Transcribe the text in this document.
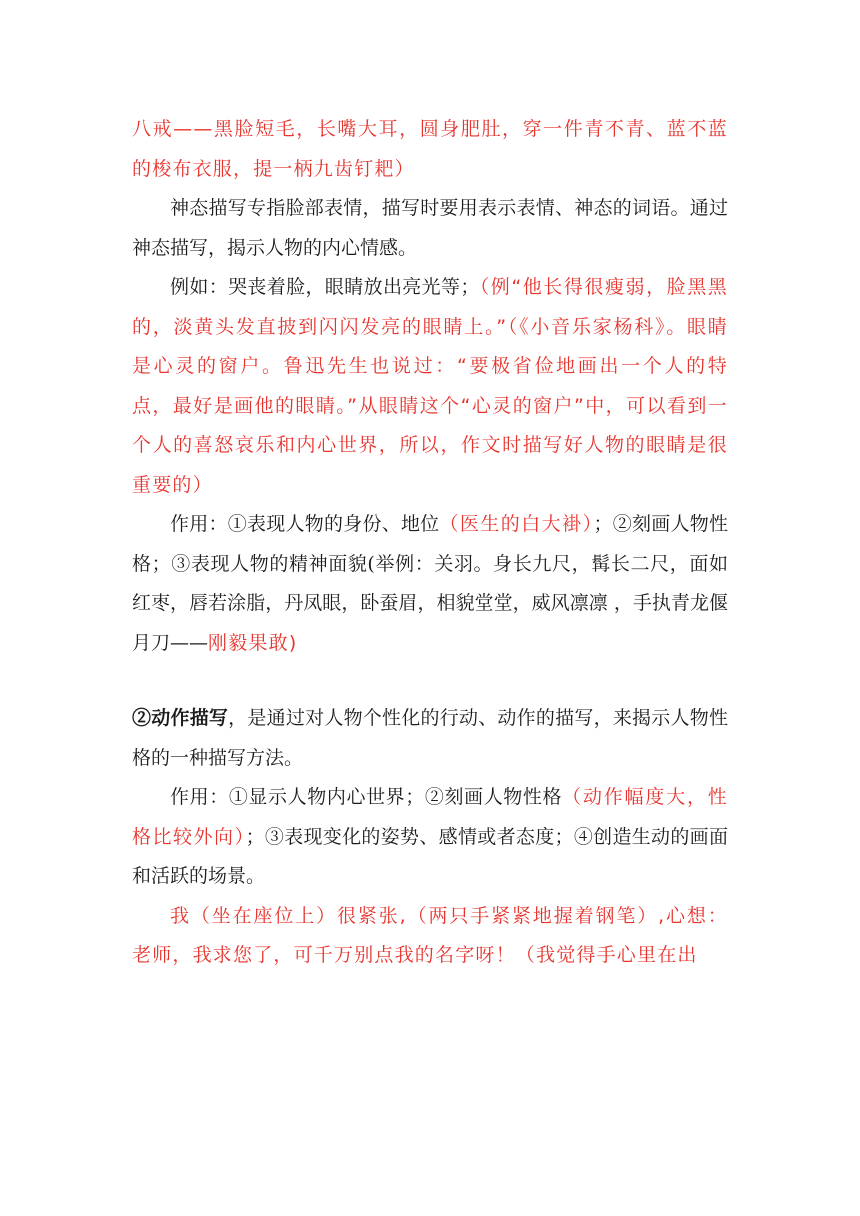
八戒——黑脸短毛，长嘴大耳，圆身肥肚，穿一件青不青、蓝不蓝的梭布衣服，提一柄九齿钉耙）

神态描写专指脸部表情，描写时要用表示表情、神态的词语。通过神态描写，揭示人物的内心情感。

例如：哭丧着脸，眼睛放出亮光等；（例“他长得很瘦弱，脸黑黑的，淡黄头发直披到闪闪发亮的眼睛上。”（《小音乐家杨科》。眼睛是心灵的窗户。鲁迅先生也说过：“要极省俭地画出一个人的特点，最好是画他的眼睛。”从眼睛这个“心灵的窗户”中，可以看到一个人的喜怒哀乐和内心世界，所以，作文时描写好人物的眼睛是很重要的）

作用：①表现人物的身份、地位（医生的白大褂）；②刻画人物性格；③表现人物的精神面貌(举例：关羽。身长九尺，髯长二尺，面如红枣，唇若涂脂，丹凤眼，卧蚕眉，相貌堂堂，威风凛凛 ，手执青龙偃月刀——刚毅果敢)

②动作描写，是通过对人物个性化的行动、动作的描写，来揭示人物性格的一种描写方法。

作用：①显示人物内心世界；②刻画人物性格（动作幅度大，性格比较外向）；③表现变化的姿势、感情或者态度；④创造生动的画面和活跃的场景。

我（坐在座位上）很紧张,（两只手紧紧地握着钢笔）,心想：老师，我求您了，可千万别点我的名字呀！（我觉得手心里在出
